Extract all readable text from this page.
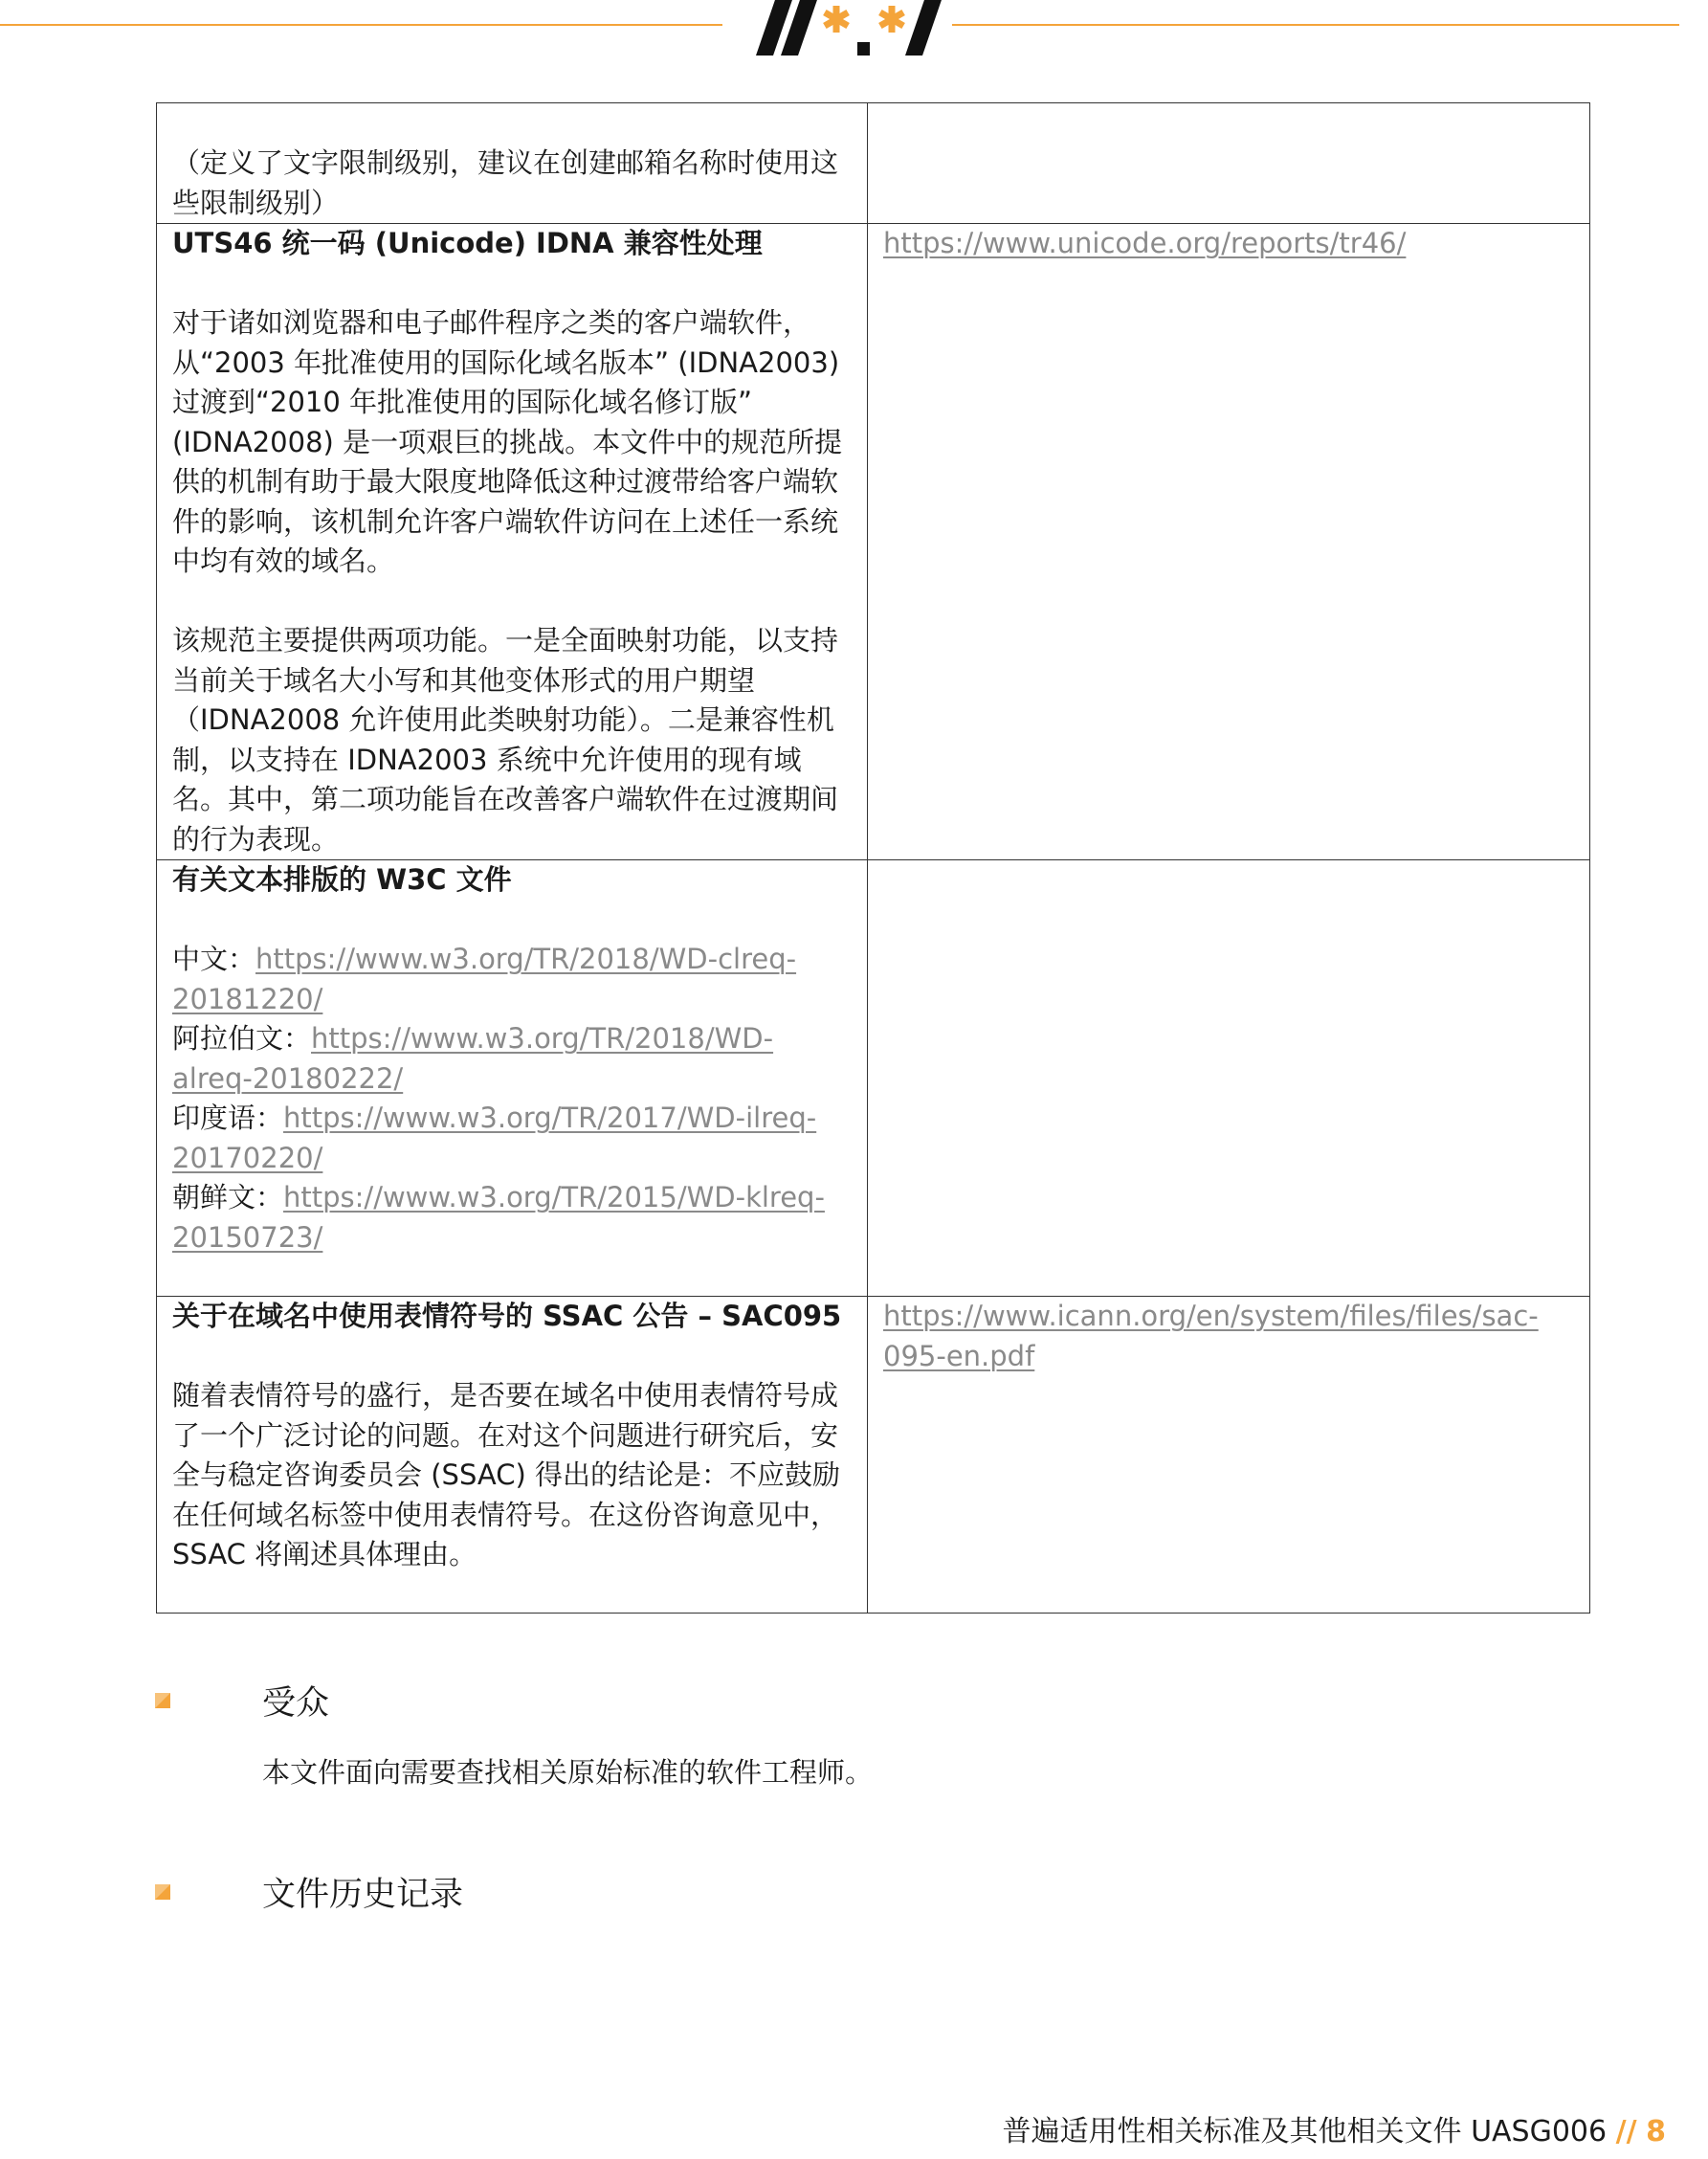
（定义了文字限制级别，建议在创建邮箱名称时使用这些限制级别）	

UTS46 统一码 (Unicode) IDNA 兼容性处理

对于诸如浏览器和电子邮件程序之类的客户端软件，从“2003 年批准使用的国际化域名版本” (IDNA2003) 过渡到“2010 年批准使用的国际化域名修订版” (IDNA2008) 是一项艰巨的挑战。本文件中的规范所提供的机制有助于最大限度地降低这种过渡带给客户端软件的影响，该机制允许客户端软件访问在上述任一系统中均有效的域名。

该规范主要提供两项功能。一是全面映射功能，以支持当前关于域名大小写和其他变体形式的用户期望（IDNA2008 允许使用此类映射功能）。二是兼容性机制，以支持在 IDNA2003 系统中允许使用的现有域名。其中，第二项功能旨在改善客户端软件在过渡期间的行为表现。	https://www.unicode.org/reports/tr46/

有关文本排版的 W3C 文件

中文：https://www.w3.org/TR/2018/WD-clreq-20181220/

阿拉伯文：https://www.w3.org/TR/2018/WD-alreq-20180222/

印度语：https://www.w3.org/TR/2017/WD-ilreq-20170220/

朝鲜文：https://www.w3.org/TR/2015/WD-klreq-20150723/	

关于在域名中使用表情符号的 SSAC 公告 – SAC095

随着表情符号的盛行，是否要在域名中使用表情符号成了一个广泛讨论的问题。在对这个问题进行研究后，安全与稳定咨询委员会 (SSAC) 得出的结论是：不应鼓励在任何域名标签中使用表情符号。在这份咨询意见中，SSAC 将阐述具体理由。	https://www.icann.org/en/system/files/files/sac-095-en.pdf
受众

本文件面向需要查找相关原始标准的软件工程师。

文件历史记录
普遍适用性相关标准及其他相关文件 UASG006 // 8
